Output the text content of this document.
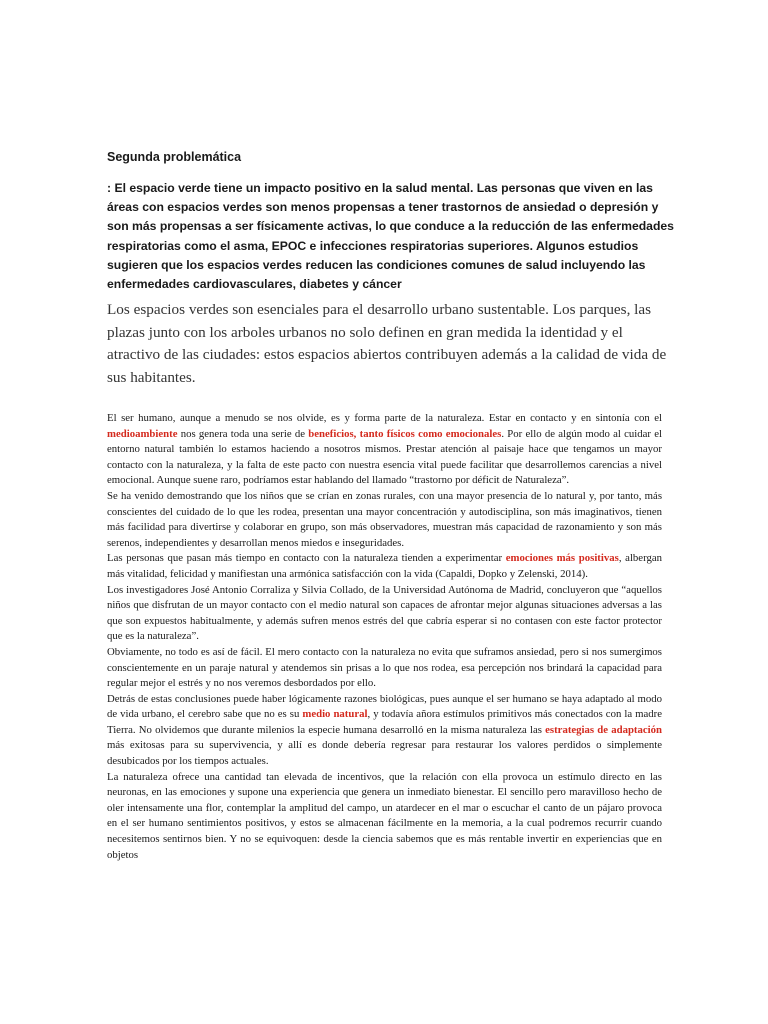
Segunda problemática

: El espacio verde tiene un impacto positivo en la salud mental. Las personas que viven en las áreas con espacios verdes son menos propensas a tener trastornos de ansiedad o depresión y son más propensas a ser físicamente activas, lo que conduce a la reducción de las enfermedades respiratorias como el asma, EPOC e infecciones respiratorias superiores. Algunos estudios sugieren que los espacios verdes reducen las condiciones comunes de salud incluyendo las enfermedades cardiovasculares, diabetes y cáncer

Los espacios verdes son esenciales para el desarrollo urbano sustentable. Los parques, las plazas junto con los arboles urbanos no solo definen en gran medida la identidad y el atractivo de las ciudades: estos espacios abiertos contribuyen además a la calidad de vida de sus habitantes.

El ser humano, aunque a menudo se nos olvide, es y forma parte de la naturaleza. Estar en contacto y en sintonía con el medioambiente nos genera toda una serie de beneficios, tanto físicos como emocionales. Por ello de algún modo al cuidar el entorno natural también lo estamos haciendo a nosotros mismos. Prestar atención al paisaje hace que tengamos un mayor contacto con la naturaleza, y la falta de este pacto con nuestra esencia vital puede facilitar que desarrollemos carencias a nivel emocional. Aunque suene raro, podríamos estar hablando del llamado “trastorno por déficit de Naturaleza”.

Se ha venido demostrando que los niños que se crían en zonas rurales, con una mayor presencia de lo natural y, por tanto, más conscientes del cuidado de lo que les rodea, presentan una mayor concentración y autodisciplina, son más imaginativos, tienen más facilidad para divertirse y colaborar en grupo, son más observadores, muestran más capacidad de razonamiento y son más serenos, independientes y desarrollan menos miedos e inseguridades.

Las personas que pasan más tiempo en contacto con la naturaleza tienden a experimentar emociones más positivas, albergan más vitalidad, felicidad y manifiestan una armónica satisfacción con la vida (Capaldi, Dopko y Zelenski, 2014).

Los investigadores José Antonio Corraliza y Silvia Collado, de la Universidad Autónoma de Madrid, concluyeron que “aquellos niños que disfrutan de un mayor contacto con el medio natural son capaces de afrontar mejor algunas situaciones adversas a las que son expuestos habitualmente, y además sufren menos estrés del que cabría esperar si no contasen con este factor protector que es la naturaleza”.

Obviamente, no todo es así de fácil. El mero contacto con la naturaleza no evita que suframos ansiedad, pero si nos sumergimos conscientemente en un paraje natural y atendemos sin prisas a lo que nos rodea, esa percepción nos brindará la capacidad para regular mejor el estrés y no nos veremos desbordados por ello.

Detrás de estas conclusiones puede haber lógicamente razones biológicas, pues aunque el ser humano se haya adaptado al modo de vida urbano, el cerebro sabe que no es su medio natural, y todavía añora estímulos primitivos más conectados con la madre Tierra. No olvidemos que durante milenios la especie humana desarrolló en la misma naturaleza las estrategias de adaptación más exitosas para su supervivencia, y allí es donde debería regresar para restaurar los valores perdidos o simplemente desubicados por los tiempos actuales.

La naturaleza ofrece una cantidad tan elevada de incentivos, que la relación con ella provoca un estímulo directo en las neuronas, en las emociones y supone una experiencia que genera un inmediato bienestar. El sencillo pero maravilloso hecho de oler intensamente una flor, contemplar la amplitud del campo, un atardecer en el mar o escuchar el canto de un pájaro provoca en el ser humano sentimientos positivos, y estos se almacenan fácilmente en la memoria, a la cual podremos recurrir cuando necesitemos sentirnos bien. Y no se equivoquen: desde la ciencia sabemos que es más rentable invertir en experiencias que en objetos
